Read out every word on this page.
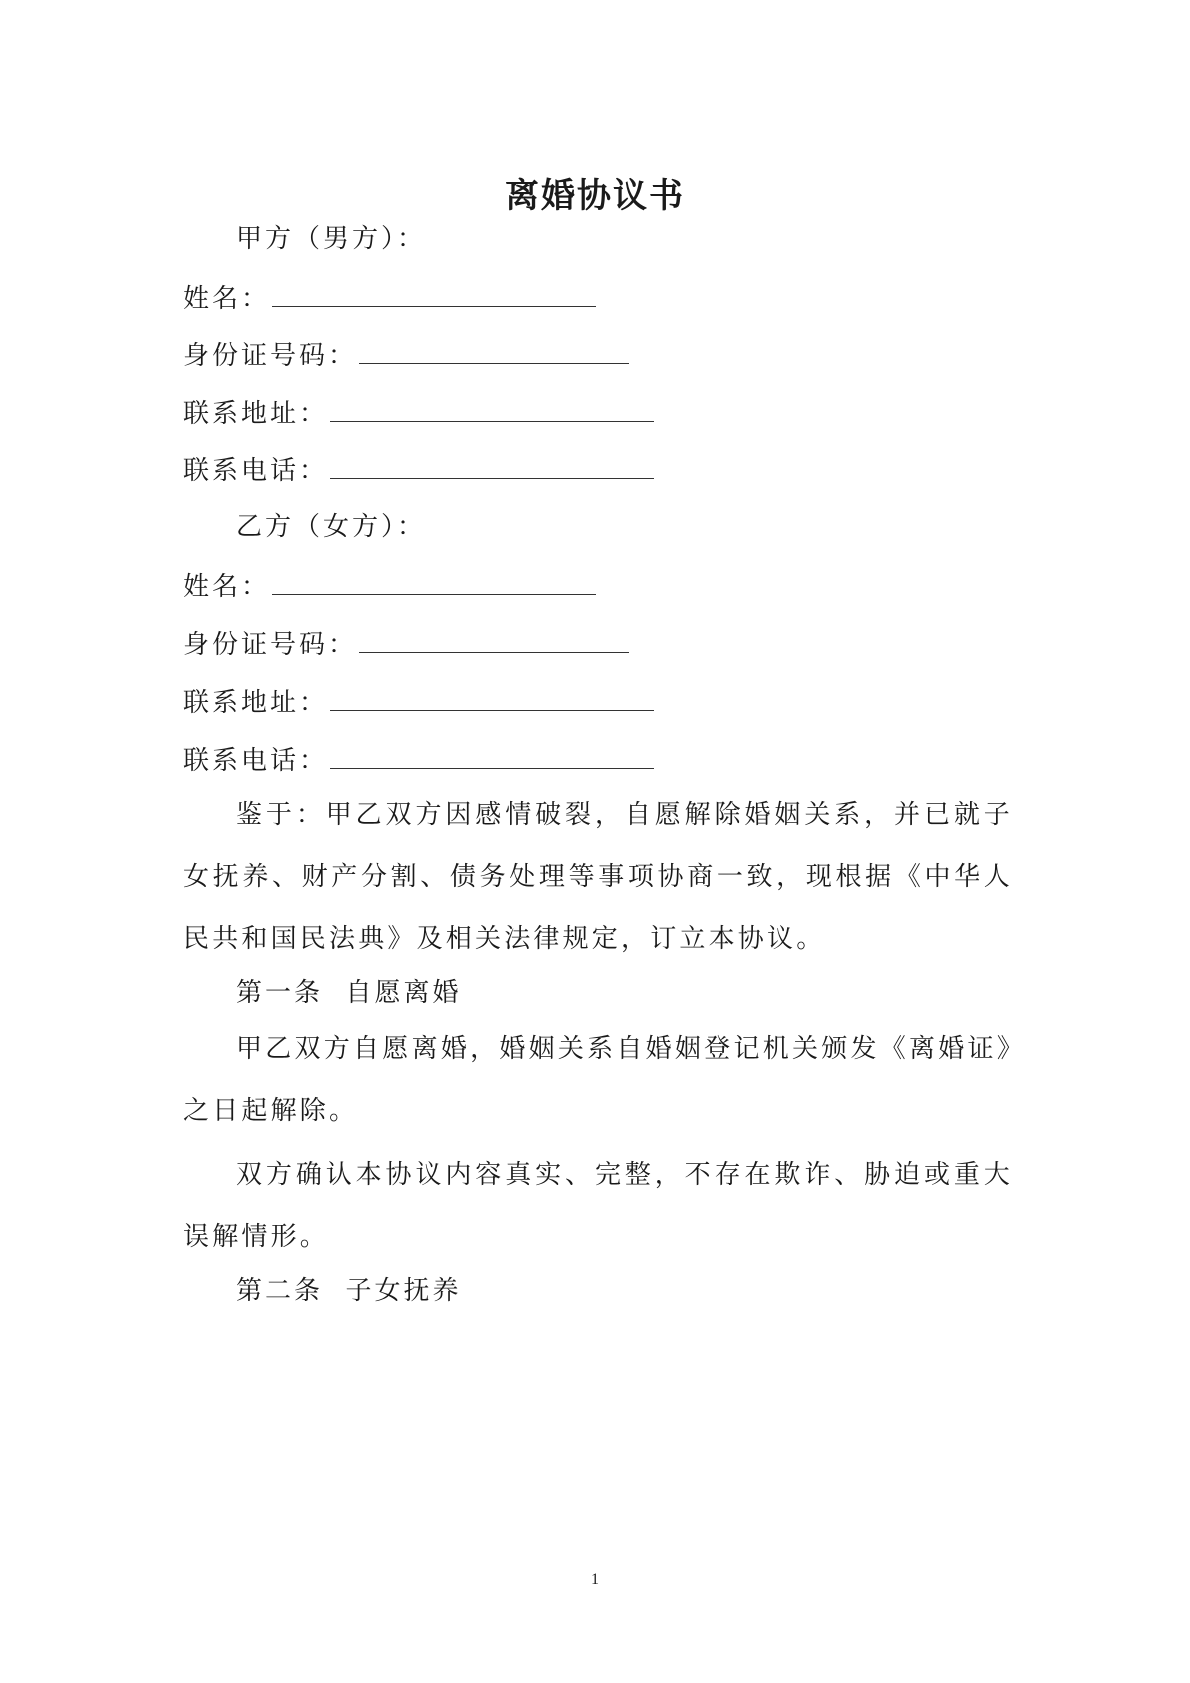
离婚协议书
甲方（男方）：
姓名：
身份证号码：
联系地址：
联系电话：
乙方（女方）：
姓名：
身份证号码：
联系地址：
联系电话：
鉴于：甲乙双方因感情破裂，自愿解除婚姻关系，并已就子女抚养、财产分割、债务处理等事项协商一致，现根据《中华人民共和国民法典》及相关法律规定，订立本协议。
第一条  自愿离婚
甲乙双方自愿离婚，婚姻关系自婚姻登记机关颁发《离婚证》之日起解除。
双方确认本协议内容真实、完整，不存在欺诈、胁迫或重大误解情形。
第二条  子女抚养
1
